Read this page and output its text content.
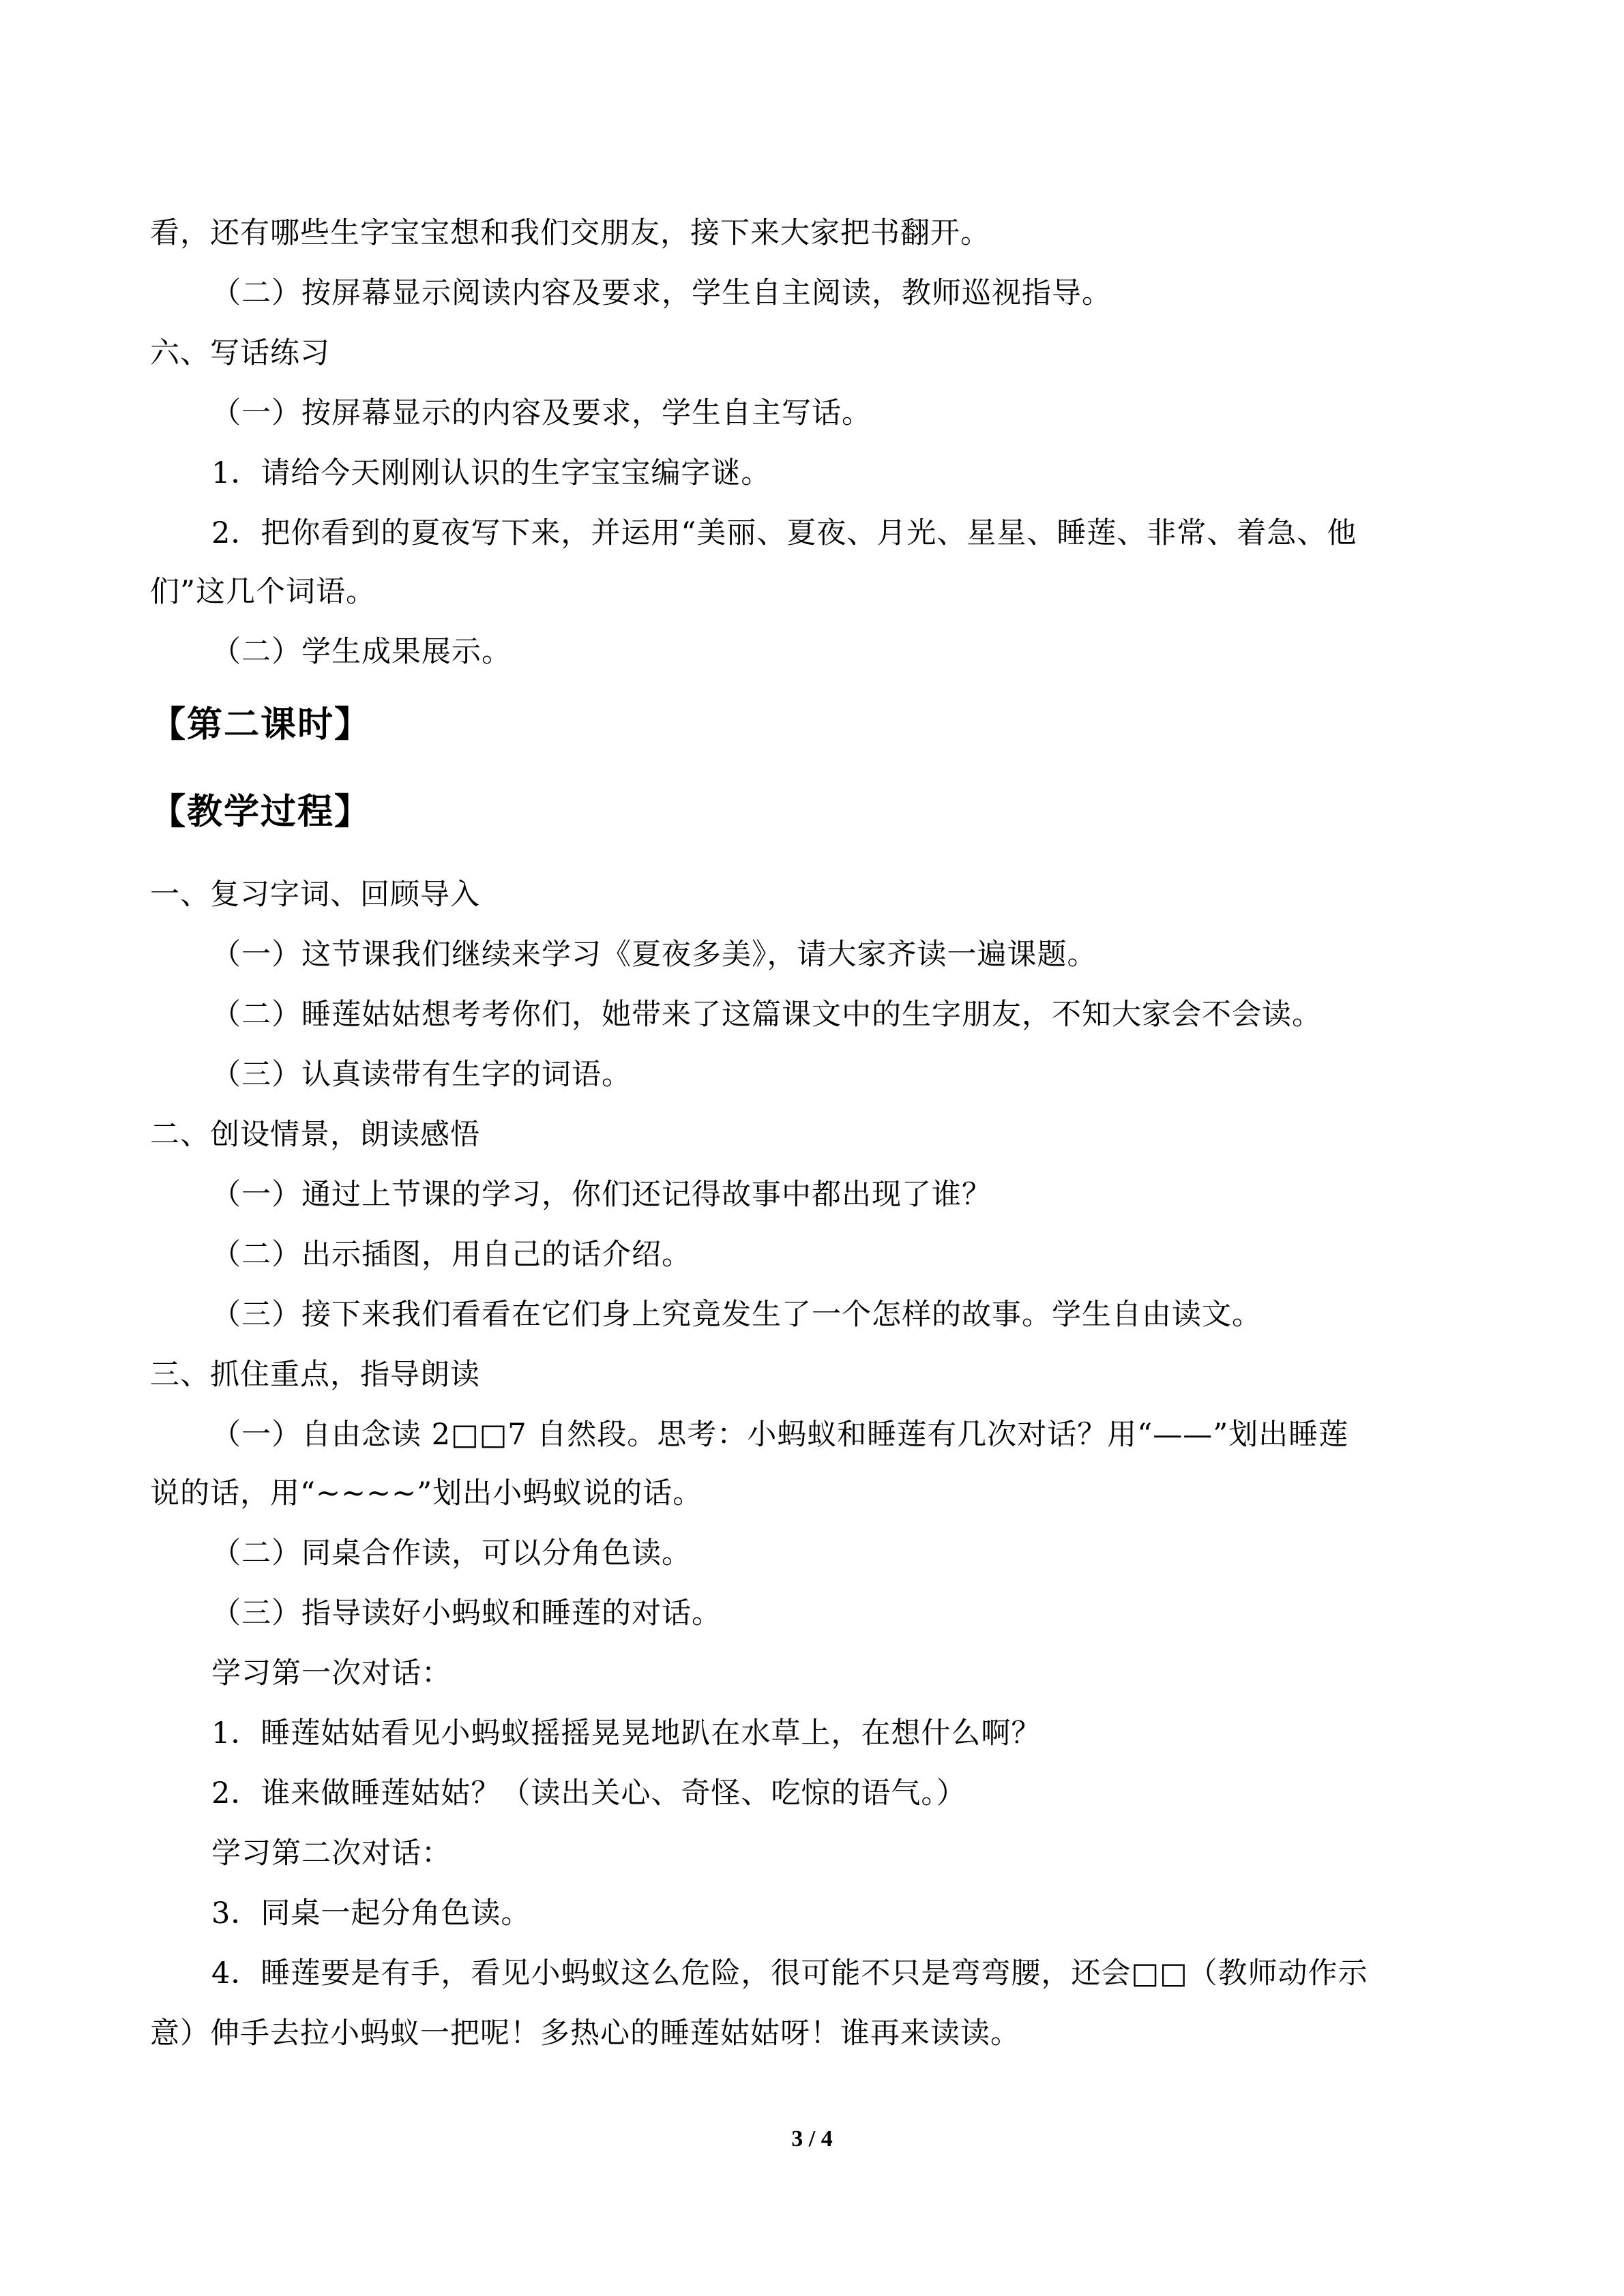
看，还有哪些生字宝宝想和我们交朋友，接下来大家把书翻开。
（二）按屏幕显示阅读内容及要求，学生自主阅读，教师巡视指导。
六、写话练习
（一）按屏幕显示的内容及要求，学生自主写话。
1．请给今天刚刚认识的生字宝宝编字谜。
2．把你看到的夏夜写下来，并运用“美丽、夏夜、月光、星星、睡莲、非常、着急、他
们”这几个词语。
（二）学生成果展示。
【第二课时】
【教学过程】
一、复习字词、回顾导入
（一）这节课我们继续来学习《夏夜多美》，请大家齐读一遍课题。
（二）睡莲姑姑想考考你们，她带来了这篇课文中的生字朋友，不知大家会不会读。
（三）认真读带有生字的词语。
二、创设情景，朗读感悟
（一）通过上节课的学习，你们还记得故事中都出现了谁？
（二）出示插图，用自己的话介绍。
（三）接下来我们看看在它们身上究竟发生了一个怎样的故事。学生自由读文。
三、抓住重点，指导朗读
（一）自由念读 2□□7 自然段。思考：小蚂蚁和睡莲有几次对话？用“——”划出睡莲
说的话，用“~~~~”划出小蚂蚁说的话。
（二）同桌合作读，可以分角色读。
（三）指导读好小蚂蚁和睡莲的对话。
学习第一次对话：
1．睡莲姑姑看见小蚂蚁摇摇晃晃地趴在水草上，在想什么啊？
2．谁来做睡莲姑姑？（读出关心、奇怪、吃惊的语气。）
学习第二次对话：
3．同桌一起分角色读。
4．睡莲要是有手，看见小蚂蚁这么危险，很可能不只是弯弯腰，还会□□（教师动作示
意）伸手去拉小蚂蚁一把呢！多热心的睡莲姑姑呀！谁再来读读。
3 / 4
